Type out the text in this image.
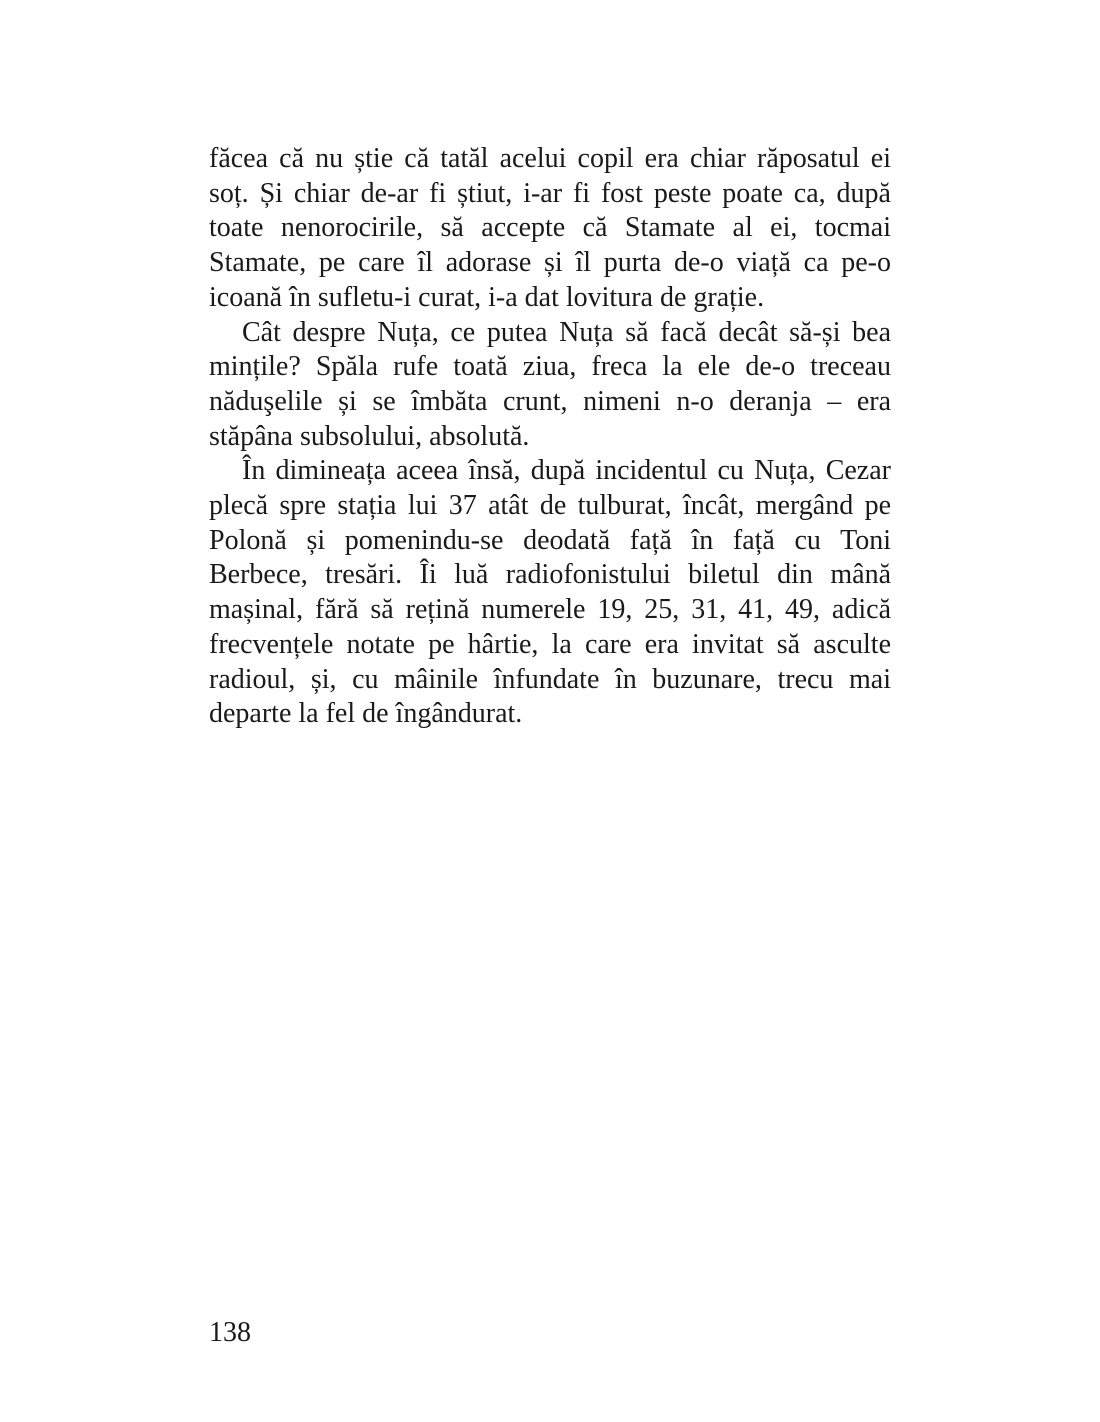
făcea că nu știe că tatăl acelui copil era chiar răposatul ei soț. Și chiar de-ar fi știut, i-ar fi fost peste poate ca, după toate nenorocirile, să accepte că Stamate al ei, tocmai Stamate, pe care îl adorase și îl purta de-o viață ca pe-o icoană în sufletu-i curat, i-a dat lovitura de grație.

Cât despre Nuța, ce putea Nuța să facă decât să-și bea mințile? Spăla rufe toată ziua, freca la ele de-o treceau năduşelile și se îmbăta crunt, nimeni n-o deranja – era stăpâna subsolului, absolută.

În dimineața aceea însă, după incidentul cu Nuța, Cezar plecă spre stația lui 37 atât de tulburat, încât, mergând pe Polonă și pomenindu-se deodată față în față cu Toni Berbece, tresări. Îi luă radiofonistului biletul din mână mașinal, fără să rețină numerele 19, 25, 31, 41, 49, adică frecvențele notate pe hârtie, la care era invitat să asculte radioul, și, cu mâinile înfundate în buzunare, trecu mai departe la fel de îngândurat.

138
